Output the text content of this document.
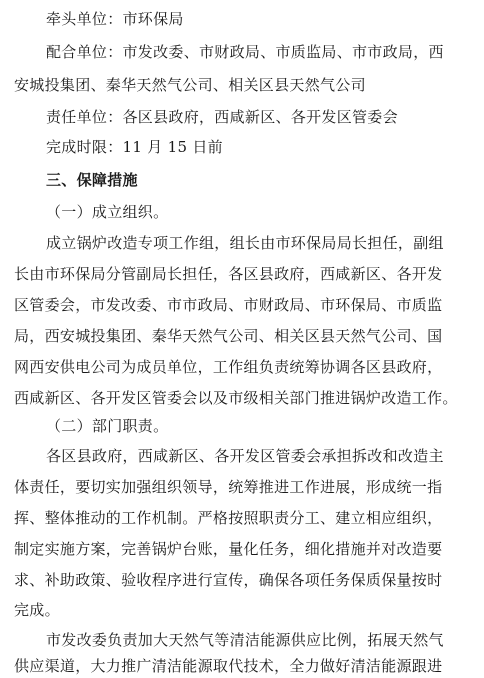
牵头单位：市环保局
配合单位：市发改委、市财政局、市质监局、市市政局，西
安城投集团、秦华天然气公司、相关区县天然气公司
责任单位：各区县政府，西咸新区、各开发区管委会
完成时限：11 月 15 日前
三、保障措施
（一）成立组织。
成立锅炉改造专项工作组，组长由市环保局局长担任，副组
长由市环保局分管副局长担任，各区县政府，西咸新区、各开发
区管委会，市发改委、市市政局、市财政局、市环保局、市质监
局，西安城投集团、秦华天然气公司、相关区县天然气公司、国
网西安供电公司为成员单位，工作组负责统筹协调各区县政府，
西咸新区、各开发区管委会以及市级相关部门推进锅炉改造工作。
（二）部门职责。
各区县政府，西咸新区、各开发区管委会承担拆改和改造主
体责任，要切实加强组织领导，统筹推进工作进展，形成统一指
挥、整体推动的工作机制。严格按照职责分工、建立相应组织，
制定实施方案，完善锅炉台账，量化任务，细化措施并对改造要
求、补助政策、验收程序进行宣传，确保各项任务保质保量按时
完成。
市发改委负责加大天然气等清洁能源供应比例，拓展天然气
供应渠道，大力推广清洁能源取代技术，全力做好清洁能源跟进
